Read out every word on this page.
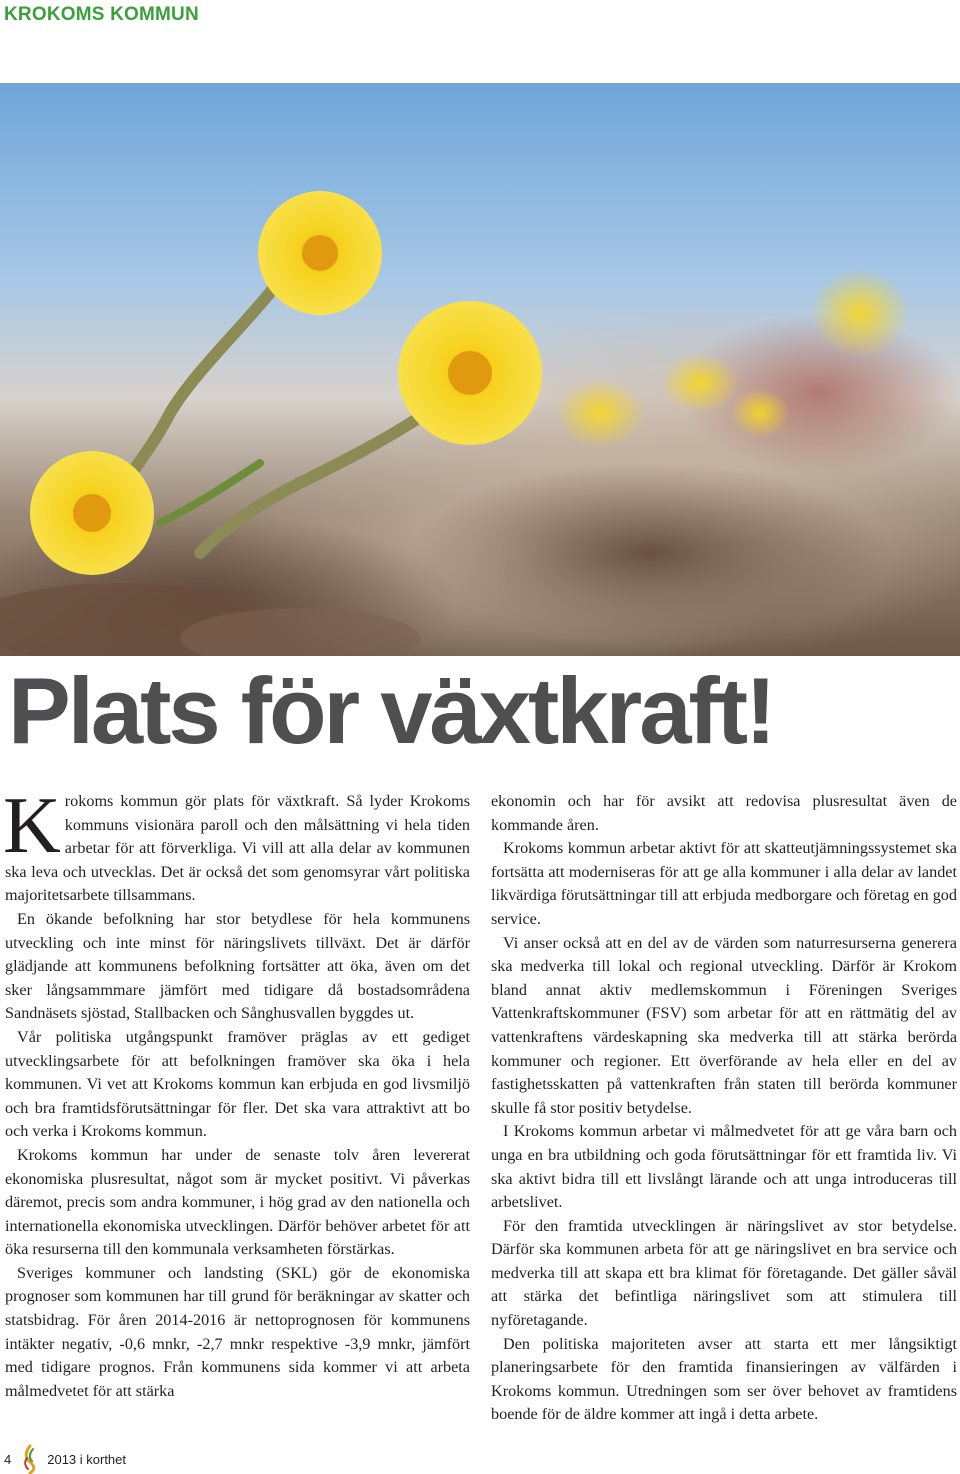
KROKOMS KOMMUN
Plats för växtkraft!

Krokoms kommun gör plats för växtkraft. Så lyder Krokoms kommuns visionära paroll och den målsättning vi hela tiden arbetar för att förverkliga. Vi vill att alla delar av kommunen ska leva och utvecklas. Det är också det som genomsyrar vårt politiska majoritetsarbete tillsammans.

En ökande befolkning har stor betydlese för hela kommunens utveckling och inte minst för näringslivets tillväxt. Det är därför glädjande att kommunens befolkning fortsätter att öka, även om det sker långsammmare jämfört med tidigare då bostadsområdena Sandnäsets sjöstad, Stallbacken och Sånghusvallen byggdes ut.

Vår politiska utgångspunkt framöver präglas av ett gediget utvecklingsarbete för att befolkningen framöver ska öka i hela kommunen. Vi vet att Krokoms kommun kan erbjuda en god livsmiljö och bra framtidsförutsättningar för fler. Det ska vara attraktivt att bo och verka i Krokoms kommun.

Krokoms kommun har under de senaste tolv åren levererat ekonomiska plusresultat, något som är mycket positivt. Vi påverkas däremot, precis som andra kommuner, i hög grad av den nationella och internationella ekonomiska utvecklingen. Därför behöver arbetet för att öka resurserna till den kommunala verksamheten förstärkas.

Sveriges kommuner och landsting (SKL) gör de ekonomiska prognoser som kommunen har till grund för beräkningar av skatter och statsbidrag. För åren 2014-2016 är nettoprognosen för kommunens intäkter negativ, -0,6 mnkr, -2,7 mnkr respektive -3,9 mnkr, jämfört med tidigare prognos. Från kommunens sida kommer vi att arbeta målmedvetet för att stärka

ekonomin och har för avsikt att redovisa plusresultat även de kommande åren.

Krokoms kommun arbetar aktivt för att skatteutjämningssystemet ska fortsätta att moderniseras för att ge alla kommuner i alla delar av landet likvärdiga förutsättningar till att erbjuda medborgare och företag en god service.

Vi anser också att en del av de värden som naturresurserna generera ska medverka till lokal och regional utveckling. Därför är Krokom bland annat aktiv medlemskommun i Föreningen Sveriges Vattenkraftskommuner (FSV) som arbetar för att en rättmätig del av vattenkraftens värdeskapning ska medverka till att stärka berörda kommuner och regioner. Ett överförande av hela eller en del av fastighetsskatten på vattenkraften från staten till berörda kommuner skulle få stor positiv betydelse.

I Krokoms kommun arbetar vi målmedvetet för att ge våra barn och unga en bra utbildning och goda förutsättningar för ett framtida liv. Vi ska aktivt bidra till ett livslångt lärande och att unga introduceras till arbetslivet.

För den framtida utvecklingen är näringslivet av stor betydelse. Därför ska kommunen arbeta för att ge näringslivet en bra service och medverka till att skapa ett bra klimat för företagande. Det gäller såväl att stärka det befintliga näringslivet som att stimulera till nyföretagande.

Den politiska majoriteten avser att starta ett mer långsiktigt planeringsarbete för den framtida finansieringen av välfärden i Krokoms kommun. Utredningen som ser över behovet av framtidens boende för de äldre kommer att ingå i detta arbete.

4	2013 i korthet
